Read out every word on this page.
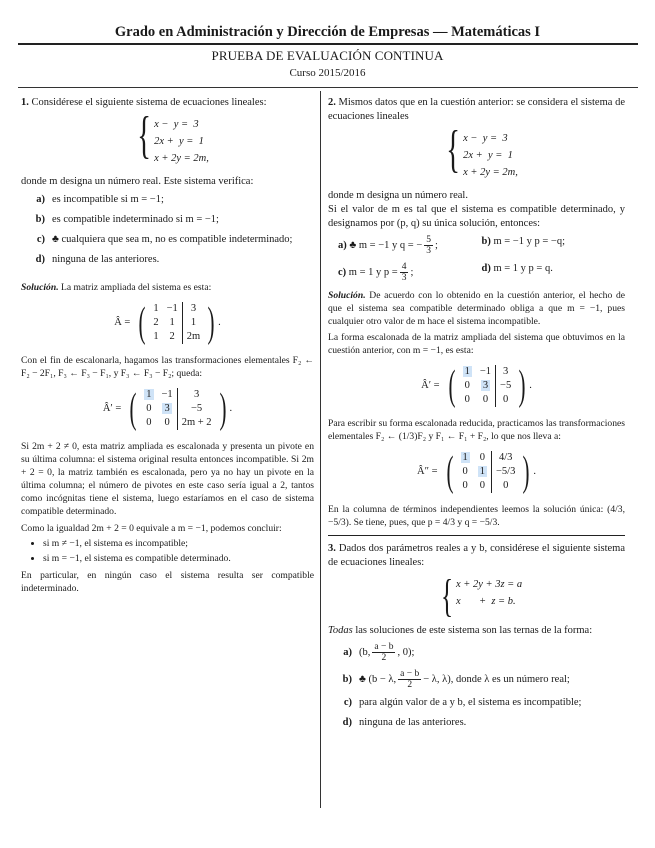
Grado en Administración y Dirección de Empresas — Matemáticas I
PRUEBA DE EVALUACIÓN CONTINUA
Curso 2015/2016
1. Considérese el siguiente sistema de ecuaciones lineales:
{ x −  y =  3
2x +  y =  1
x + 2y = 2m,
donde m designa un número real. Este sistema verifica:
a) es incompatible si m = −1;
b) es compatible indeterminado si m = −1;
c) ♣ cualquiera que sea m, no es compatible indeterminado;
d) ninguna de las anteriores.
Solución. La matriz ampliada del sistema es esta:
Â = ( 1 −1	3
2	1	1
1	2	2m ) .
Con el fin de escalonarla, hagamos las transformaciones elementales F₂ ← F₂ − 2F₁, F₃ ← F₃ − F₁, y F₃ ← F₃ − F₂; queda:
Â′ = ( 1 −1	3
0	3	−5
0	0	2m + 2 ) .
Si 2m + 2 ≠ 0, esta matriz ampliada es escalonada y presenta un pivote en su última columna: el sistema original resulta entonces incompatible. Si 2m + 2 = 0, la matriz también es escalonada, pero ya no hay un pivote en la última columna; el número de pivotes en este caso sería igual a 2, tantos como incógnitas tiene el sistema, luego estaríamos en el caso de sistema compatible determinado.
Como la igualdad 2m + 2 = 0 equivale a m = −1, podemos concluir:
• si m ≠ −1, el sistema es incompatible;
• si m = −1, el sistema es compatible determinado.
En particular, en ningún caso el sistema resulta ser compatible indeterminado.
2. Mismos datos que en la cuestión anterior: se considera el sistema de ecuaciones lineales
{ x −  y =  3
2x +  y =  1
x + 2y = 2m,
donde m designa un número real.
Si el valor de m es tal que el sistema es compatible determinado, y designamos por (p, q) su única solución, entonces:
a) ♣ m = −1 y q = − $\frac{5}{3}$ ;	b) m = −1 y p = −q;
c) m = 1 y $p = \frac{4}{3}$ ;	d) m = 1 y p = q.
Solución. De acuerdo con lo obtenido en la cuestión anterior, el hecho de que el sistema sea compatible determinado obliga a que m = −1, pues cualquier otro valor de m hace el sistema incompatible.
La forma escalonada de la matriz ampliada del sistema que obtuvimos en la cuestión anterior, con m = −1, es esta:
Â′ = ( 1 −1	3
0	3	−5
0	0	0 ) .
Para escribir su forma escalonada reducida, practicamos las transformaciones elementales F₂ ← (1/3)F₂ y F₁ ← F₁ + F₂, lo que nos lleva a:
Â″ = ( 1	0	4/3
0	1	−5/3
0	0	0 ) .
En la columna de términos independientes leemos la solución única: (4/3, −5/3). Se tiene, pues, que p = 4/3 y q = −5/3.
3. Dados dos parámetros reales a y b, considérese el siguiente sistema de ecuaciones lineales:
{ x + 2y + 3z = a
x       +  z = b.
Todas las soluciones de este sistema son las ternas de la forma:
a) (b, $\frac{a - b}{2}$ , 0);
b) ♣ (b − λ, $\frac{a - b}{2} - \lambda$, λ), donde λ es un número real;
c) para algún valor de a y b, el sistema es incompatible;
d) ninguna de las anteriores.
